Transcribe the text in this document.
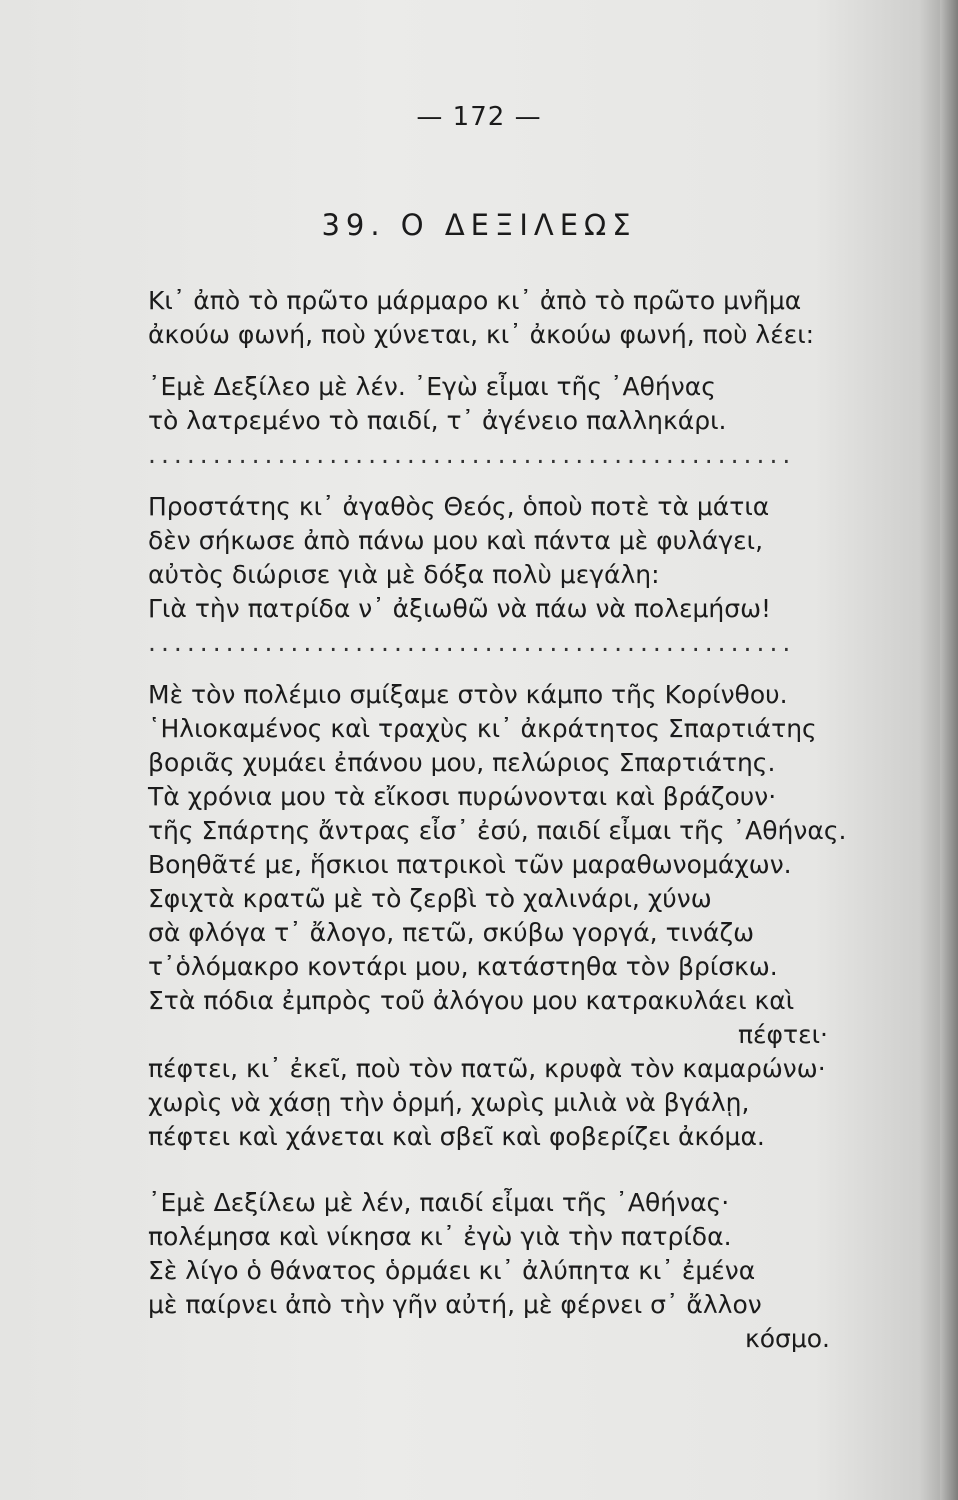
— 172 —
39. Ο ΔΕΞΙΛΕΩΣ
Κι᾿ ἀπὸ τὸ πρῶτο μάρμαρο κι᾿ ἀπὸ τὸ πρῶτο μνῆμα
ἀκούω φωνή, ποὺ χύνεται, κι᾿ ἀκούω φωνή, ποὺ λέει:
᾿Εμὲ Δεξίλεο μὲ λέν. ᾿Εγὼ εἶμαι τῆς ᾿Αθήνας
τὸ λατρεμένο τὸ παιδί, τ᾿ ἀγένειο παλληκάρι.
..................................................
Προστάτης κι᾿ ἀγαθὸς Θεός, ὁποὺ ποτὲ τὰ μάτια
δὲν σήκωσε ἀπὸ πάνω μου καὶ πάντα μὲ φυλάγει,
αὐτὸς διώρισε γιὰ μὲ δόξα πολὺ μεγάλη:
Γιὰ τὴν πατρίδα ν᾿ ἀξιωθῶ νὰ πάω νὰ πολεμήσω!
..................................................
Μὲ τὸν πολέμιο σμίξαμε στὸν κάμπο τῆς Κορίνθου.
῾Ηλιοκαμένος καὶ τραχὺς κι᾿ ἀκράτητος Σπαρτιάτης
βοριᾶς χυμάει ἐπάνου μου, πελώριος Σπαρτιάτης.
Τὰ χρόνια μου τὰ εἴκοσι πυρώνονται καὶ βράζουν·
τῆς Σπάρτης ἄντρας εἶσ᾿ ἐσύ, παιδί εἶμαι τῆς ᾿Αθήνας.
Βοηθᾶτέ με, ἥσκιοι πατρικοὶ τῶν μαραθωνομάχων.
Σφιχτὰ κρατῶ μὲ τὸ ζερβὶ τὸ χαλινάρι, χύνω
σὰ φλόγα τ᾿ ἄλογο, πετῶ, σκύβω γοργά, τινάζω
τ᾿ὁλόμακρο κοντάρι μου, κατάστηθα τὸν βρίσκω.
Στὰ πόδια ἐμπρὸς τοῦ ἀλόγου μου κατρακυλάει καὶ
πέφτει·
πέφτει, κι᾿ ἐκεῖ, ποὺ τὸν πατῶ, κρυφὰ τὸν καμαρώνω·
χωρὶς νὰ χάσῃ τὴν ὁρμή, χωρὶς μιλιὰ νὰ βγάλῃ,
πέφτει καὶ χάνεται καὶ σβεῖ καὶ φοβερίζει ἀκόμα.
᾿Εμὲ Δεξίλεω μὲ λέν, παιδί εἶμαι τῆς ᾿Αθήνας·
πολέμησα καὶ νίκησα κι᾿ ἐγὼ γιὰ τὴν πατρίδα.
Σὲ λίγο ὁ θάνατος ὁρμάει κι᾿ ἀλύπητα κι᾿ ἐμένα
μὲ παίρνει ἀπὸ τὴν γῆν αὐτή, μὲ φέρνει σ᾿ ἄλλον
κόσμο.
